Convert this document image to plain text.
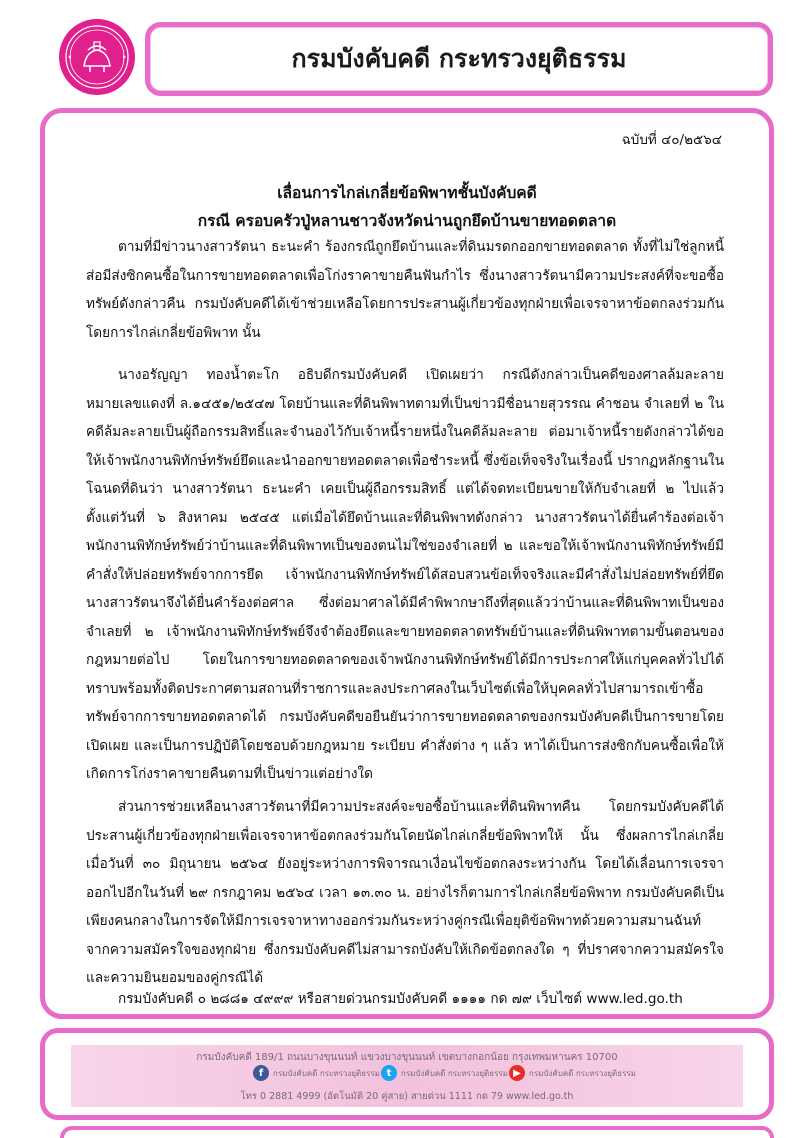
กรมบังคับคดี กระทรวงยุติธรรม
ฉบับที่ ๔๐/๒๕๖๔
เลื่อนการไกล่เกลี่ยข้อพิพาทชั้นบังคับคดี
กรณี ครอบครัวปู่หลานชาวจังหวัดน่านถูกยึดบ้านขายทอดตลาด

ตามที่มีข่าวนางสาวรัตนา ธะนะคำ ร้องกรณีถูกยึดบ้านและที่ดินมรดกออกขายทอดตลาด ทั้งที่ไม่ใช่ลูกหนี้ ส่อมีส่งซิกคนซื้อในการขายทอดตลาดเพื่อโก่งราคาขายคืนฟันกำไร ซึ่งนางสาวรัตนามีความประสงค์ที่จะขอซื้อทรัพย์ดังกล่าวคืน กรมบังคับคดีได้เข้าช่วยเหลือโดยการประสานผู้เกี่ยวข้องทุกฝ่ายเพื่อเจรจาหาข้อตกลงร่วมกันโดยการไกล่เกลี่ยข้อพิพาท นั้น

นางอรัญญา ทองน้ำตะโก อธิบดีกรมบังคับคดี เปิดเผยว่า กรณีดังกล่าวเป็นคดีของศาลล้มละลาย หมายเลขแดงที่ ล.๑๔๕๑/๒๕๔๗ โดยบ้านและที่ดินพิพาทตามที่เป็นข่าวมีชื่อนายสุวรรณ คำชอน จำเลยที่ ๒ ในคดีล้มละลายเป็นผู้ถือกรรมสิทธิ์และจำนองไว้กับเจ้าหนี้รายหนึ่งในคดีล้มละลาย ต่อมาเจ้าหนี้รายดังกล่าวได้ขอให้เจ้าพนักงานพิทักษ์ทรัพย์ยึดและนำออกขายทอดตลาดเพื่อชำระหนี้ ซึ่งข้อเท็จจริงในเรื่องนี้ ปรากฏหลักฐานในโฉนดที่ดินว่า นางสาวรัตนา ธะนะคำ เคยเป็นผู้ถือกรรมสิทธิ์ แต่ได้จดทะเบียนขายให้กับจำเลยที่ ๒ ไปแล้วตั้งแต่วันที่ ๖ สิงหาคม ๒๕๔๕ แต่เมื่อได้ยึดบ้านและที่ดินพิพาทดังกล่าว นางสาวรัตนาได้ยื่นคำร้องต่อเจ้าพนักงานพิทักษ์ทรัพย์ว่าบ้านและที่ดินพิพาทเป็นของตนไม่ใช่ของจำเลยที่ ๒ และขอให้เจ้าพนักงานพิทักษ์ทรัพย์มีคำสั่งให้ปล่อยทรัพย์จากการยึด เจ้าพนักงานพิทักษ์ทรัพย์ได้สอบสวนข้อเท็จจริงและมีคำสั่งไม่ปล่อยทรัพย์ที่ยึด นางสาวรัตนาจึงได้ยื่นคำร้องต่อศาล ซึ่งต่อมาศาลได้มีคำพิพากษาถึงที่สุดแล้วว่าบ้านและที่ดินพิพาทเป็นของจำเลยที่ ๒ เจ้าพนักงานพิทักษ์ทรัพย์จึงจำต้องยึดและขายทอดตลาดทรัพย์บ้านและที่ดินพิพาทตามขั้นตอนของกฎหมายต่อไป โดยในการขายทอดตลาดของเจ้าพนักงานพิทักษ์ทรัพย์ได้มีการประกาศให้แก่บุคคลทั่วไปได้ทราบพร้อมทั้งติดประกาศตามสถานที่ราชการและลงประกาศลงในเว็บไซต์เพื่อให้บุคคลทั่วไปสามารถเข้าซื้อทรัพย์จากการขายทอดตลาดได้ กรมบังคับคดีขอยืนยันว่าการขายทอดตลาดของกรมบังคับคดีเป็นการขายโดยเปิดเผย และเป็นการปฏิบัติโดยชอบด้วยกฎหมาย ระเบียบ คำสั่งต่าง ๆ แล้ว หาได้เป็นการส่งซิกกับคนซื้อเพื่อให้เกิดการโก่งราคาขายคืนตามที่เป็นข่าวแต่อย่างใด

ส่วนการช่วยเหลือนางสาวรัตนาที่มีความประสงค์จะขอซื้อบ้านและที่ดินพิพาทคืน โดยกรมบังคับคดีได้ประสานผู้เกี่ยวข้องทุกฝ่ายเพื่อเจรจาหาข้อตกลงร่วมกันโดยนัดไกล่เกลี่ยข้อพิพาทให้ นั้น ซึ่งผลการไกล่เกลี่ย เมื่อวันที่ ๓๐ มิถุนายน ๒๕๖๔ ยังอยู่ระหว่างการพิจารณาเงื่อนไขข้อตกลงระหว่างกัน โดยได้เลื่อนการเจรจาออกไปอีกในวันที่ ๒๙ กรกฎาคม ๒๕๖๔ เวลา ๑๓.๓๐ น. อย่างไรก็ตามการไกล่เกลี่ยข้อพิพาท กรมบังคับคดีเป็นเพียงคนกลางในการจัดให้มีการเจรจาหาทางออกร่วมกันระหว่างคู่กรณีเพื่อยุติข้อพิพาทด้วยความสมานฉันท์จากความสมัครใจของทุกฝ่าย ซึ่งกรมบังคับคดีไม่สามารถบังคับให้เกิดข้อตกลงใด ๆ ที่ปราศจากความสมัครใจและความยินยอมของคู่กรณีได้

กรมบังคับคดี ๐ ๒๘๘๑ ๔๙๙๙ หรือสายด่วนกรมบังคับคดี ๑๑๑๑ กด ๗๙ เว็บไซต์ www.led.go.th

กรมบังคับคดี 189/1 ถนนบางขุนนนท์ แขวงบางขุนนนท์ เขตบางกอกน้อย กรุงเทพมหานคร 10700
f	กรมบังคับคดี กระทรวงยุติธรรม t	กรมบังคับคดี กระทรวงยุติธรรม ▶	กรมบังคับคดี กระทรวงยุติธรรม
โทร 0 2881 4999 (อัตโนมัติ 20 คู่สาย) สายด่วน 1111 กด 79 www.led.go.th
